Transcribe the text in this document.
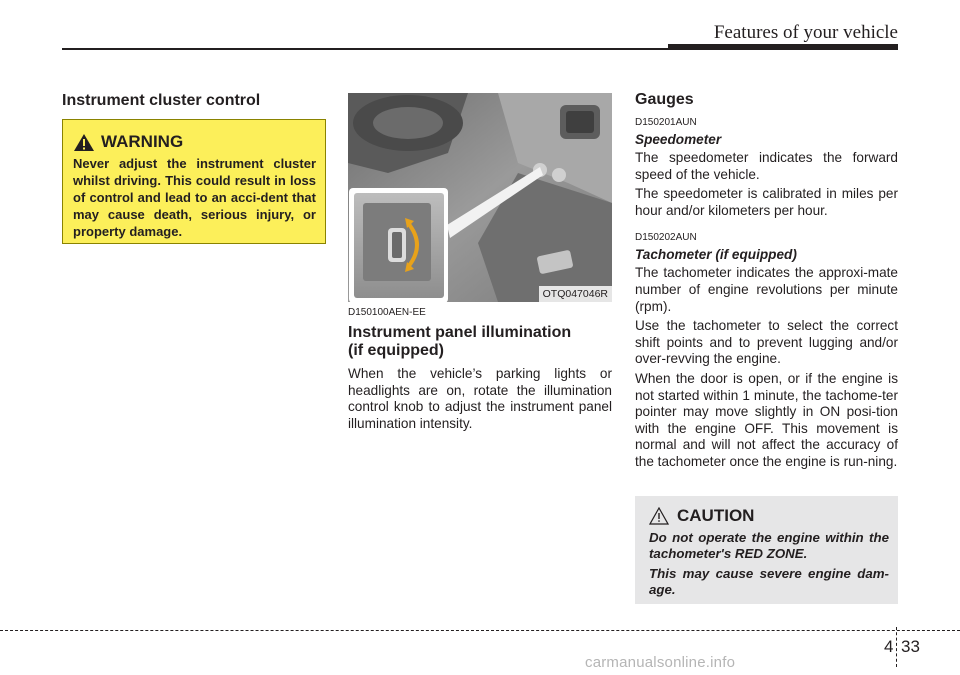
Features of your vehicle
Instrument cluster control
WARNING
Never adjust the instrument cluster whilst driving. This could result in loss of control and lead to an acci-dent that may cause death, serious injury, or property damage.
OTQ047046R
D150100AEN-EE
Instrument panel illumination
(if equipped)
When the vehicle’s parking lights or headlights are on, rotate the illumination control knob to adjust the instrument panel illumination intensity.
Gauges
D150201AUN
Speedometer
The speedometer indicates the forward speed of the vehicle.
The speedometer is calibrated in miles per hour and/or kilometers per hour.
D150202AUN
Tachometer (if equipped)
The tachometer indicates the approxi-mate number of engine revolutions per minute (rpm).
Use the tachometer to select the correct shift points and to prevent lugging and/or over-revving the engine.
When the door is open, or if the engine is not started within 1 minute, the tachome-ter pointer may move slightly in ON posi-tion with the engine OFF. This movement is normal and will not affect the accuracy of the tachometer once the engine is run-ning.
CAUTION
Do not operate the engine within the tachometer's RED ZONE.
This may cause severe engine dam-age.
4 33
carmanualsonline.info
